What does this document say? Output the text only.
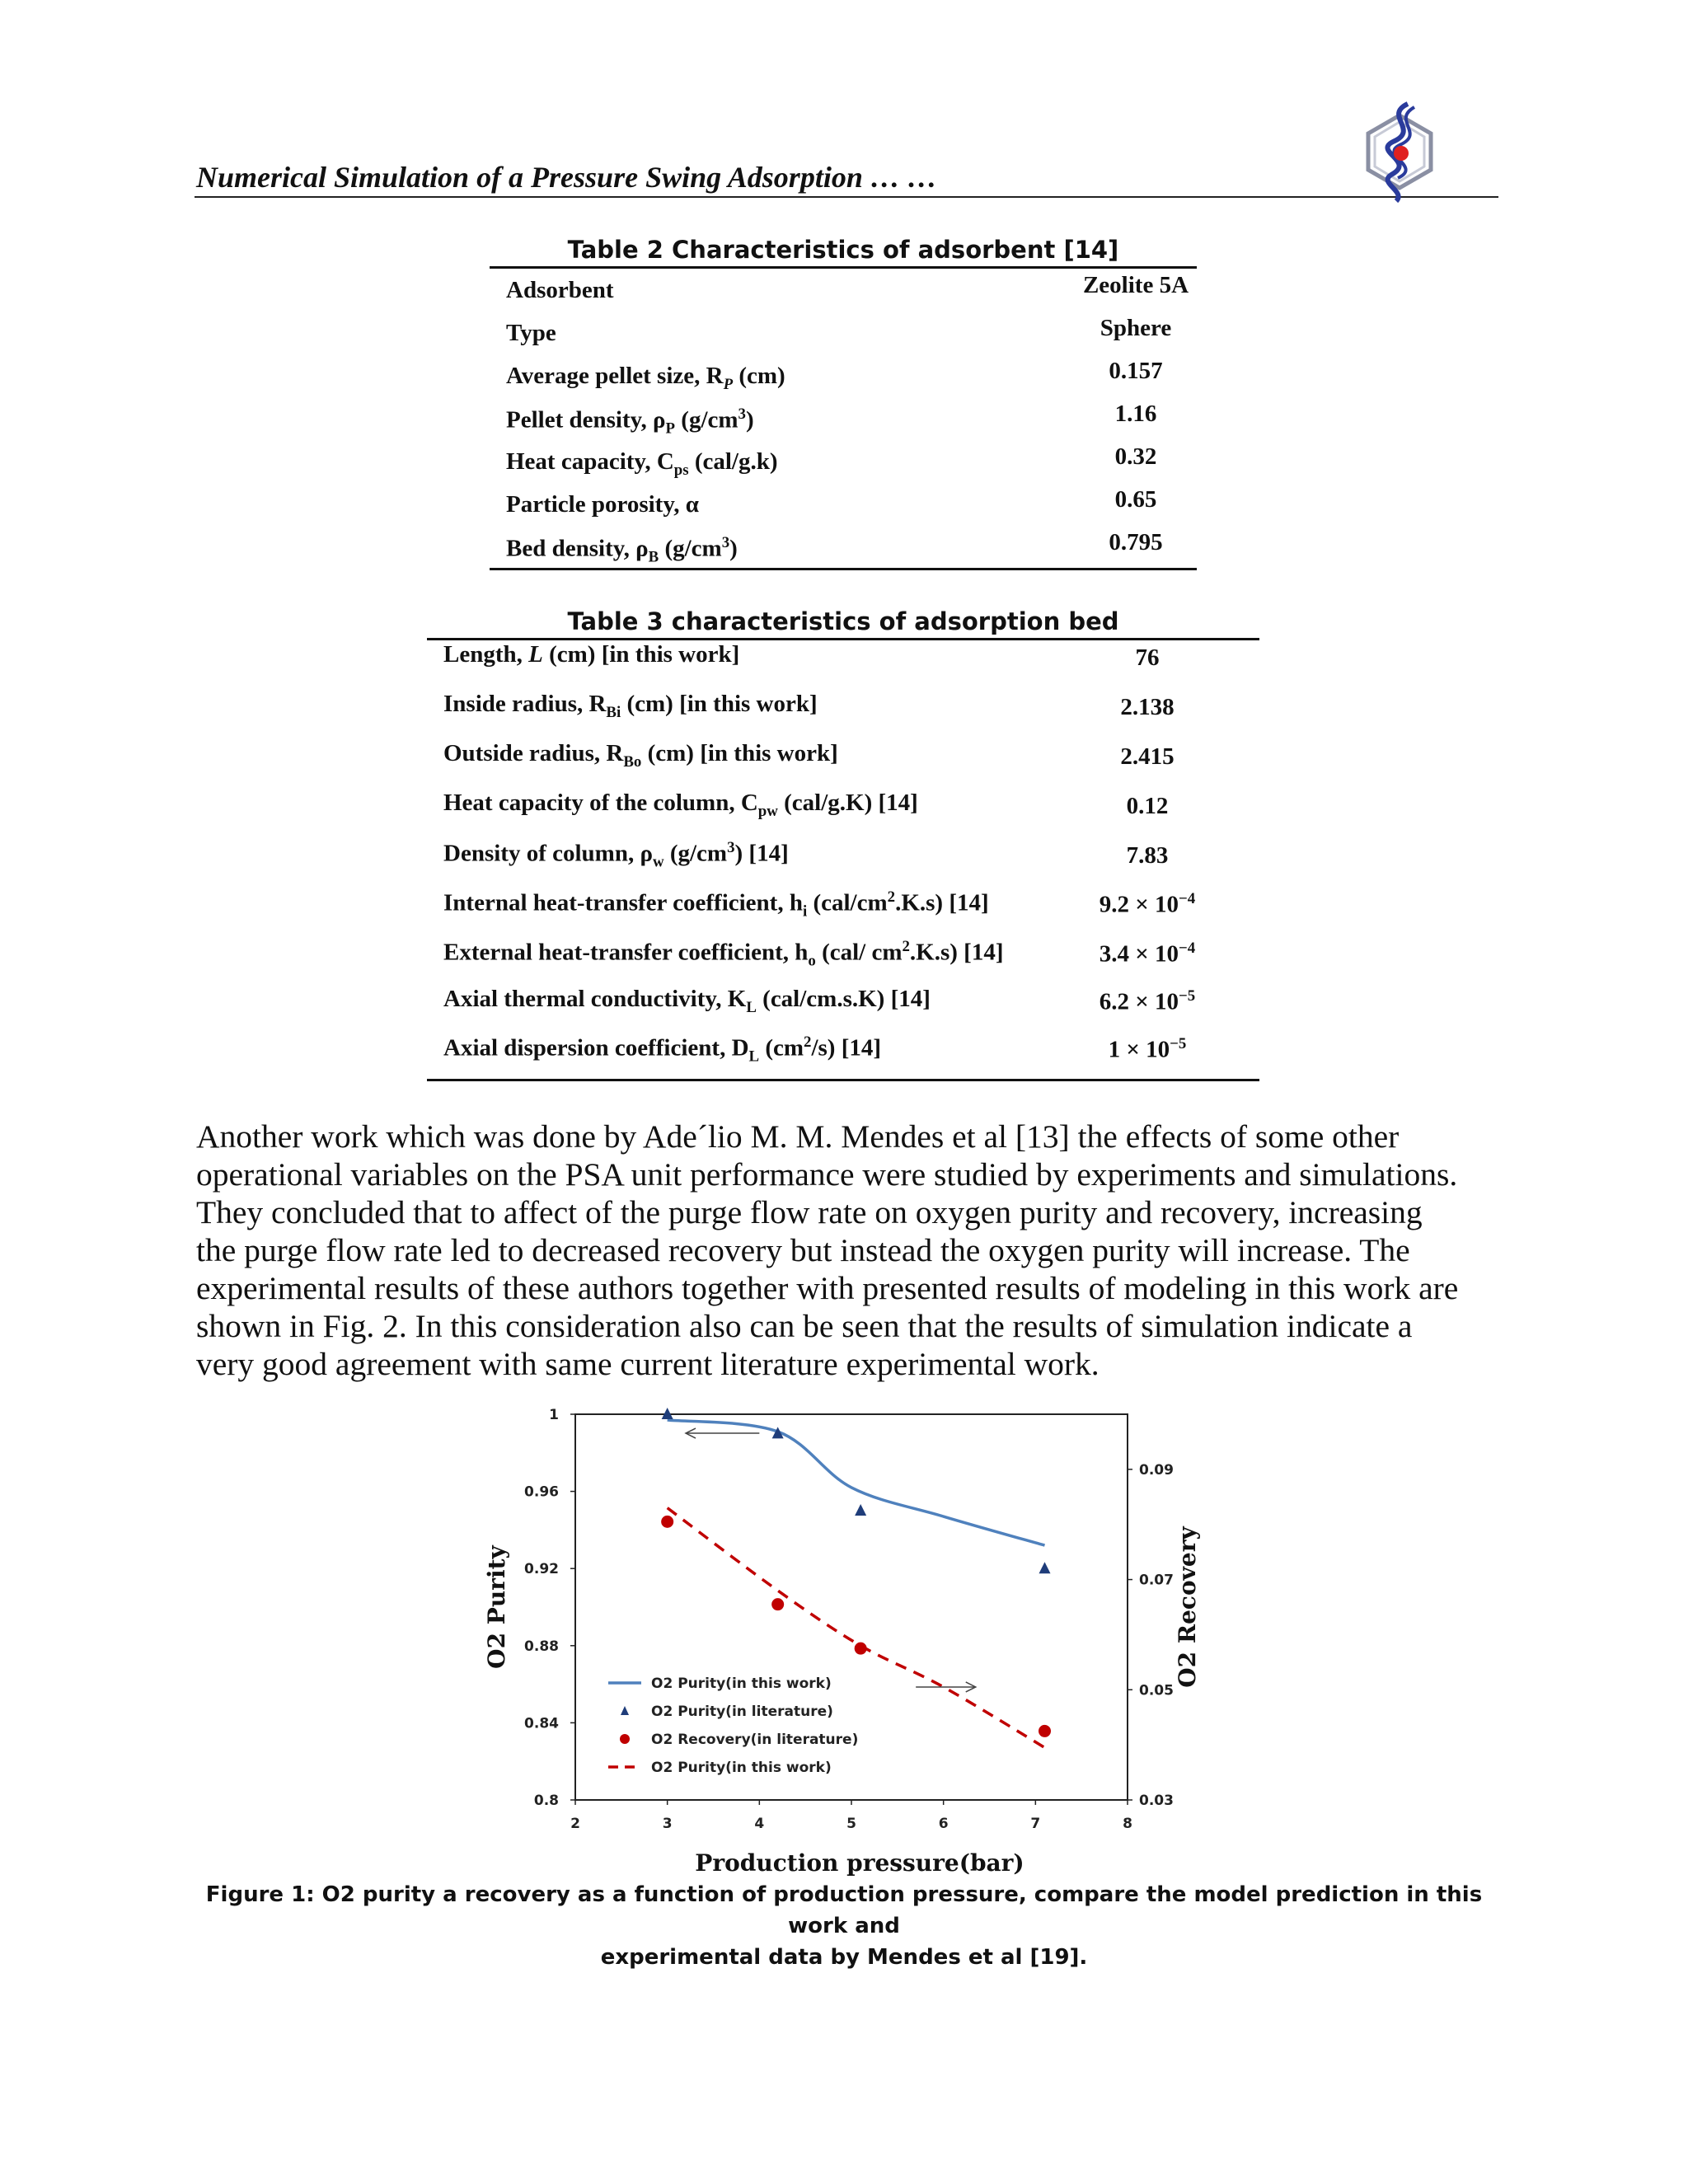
Numerical Simulation of a Pressure Swing Adsorption … …
Table 2 Characteristics of adsorbent [14]
Adsorbent	Zeolite 5A
Type	Sphere
Average pellet size, $R_P$ (cm)	0.157
Pellet density, $\rho_P$ $(g/cm^3)$	1.16
Heat capacity, $C_{ps}$ (cal/g.k)	0.32
Particle porosity, α	0.65
Bed density, $\rho_B$ $(g/cm^3)$	0.795
Table 3 characteristics of adsorption bed
Length, L (cm) [in this work]	76
Inside radius, $R_{Bi}$ (cm) [in this work]	2.138
Outside radius, $R_{Bo}$ (cm) [in this work]	2.415
Heat capacity of the column, $C_{pw}$ (cal/g.K) [14]	0.12
Density of column, $\rho_w$ $(g/cm^3)$ [14]	7.83
Internal heat-transfer coefficient, $h_i$ $(cal/cm^2.K.s)$ [14]	$9.2 \times 10^{-4}$
External heat-transfer coefficient, $h_o$ (cal/ $cm^2.K.s$) [14]	$3.4 \times 10^{-4}$
Axial thermal conductivity, $K_L$ (cal/cm.s.K) [14]	$6.2 \times 10^{-5}$
Axial dispersion coefficient, $D_L$ $(cm^2/s)$ [14]	$1 \times 10^{-5}$
Another work which was done by Ade´lio M. M. Mendes et al [13] the effects of some other
operational variables on the PSA unit performance were studied by experiments and simulations.
They concluded that to affect of the purge flow rate on oxygen purity and recovery, increasing
the purge flow rate led to decreased recovery but instead the oxygen purity will increase. The
experimental results of these authors together with presented results of modeling in this work are
shown in Fig. 2. In this consideration also can be seen that the results of simulation indicate a
very good agreement with same current literature experimental work.
2	3	4	5	6	7	8
0.8
0.84
0.88
0.92
0.96
1
0.03
0.05
0.07
0.09
Production pressure(bar)
O2 Purity	O2 Recovery
O2 Purity(in this work)
O2 Purity(in literature)
O2 Recovery(in literature)
O2 Purity(in this work)
Figure 1: O2 purity a recovery as a function of production pressure, compare the model prediction in this work and
experimental data by Mendes et al [19].
